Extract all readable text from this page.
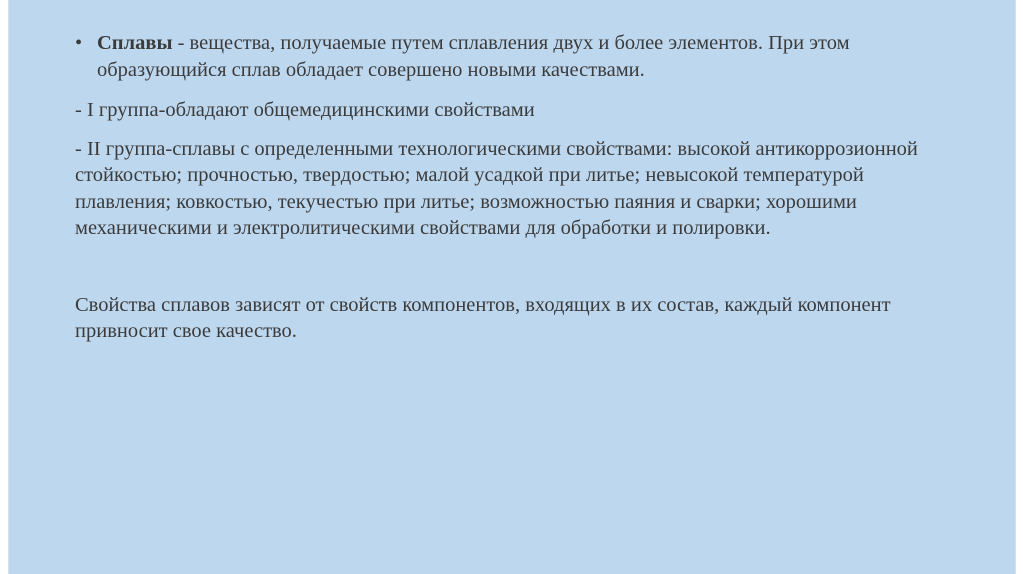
• Сплавы - вещества, получаемые путем сплавления двух и более элементов. При этом образующийся сплав обладает совершено новыми качествами.

- I группа-обладают общемедицинскими свойствами

- II группа-сплавы с определенными технологическими свойствами: высокой антикоррозионной стойкостью; прочностью, твердостью; малой усадкой при литье; невысокой температурой плавления; ковкостью, текучестью при литье; возможностью паяния и сварки; хорошими механическими и электролитическими свойствами для обработки и полировки.

Свойства сплавов зависят от свойств компонентов, входящих в их состав, каждый компонент привносит свое качество.
